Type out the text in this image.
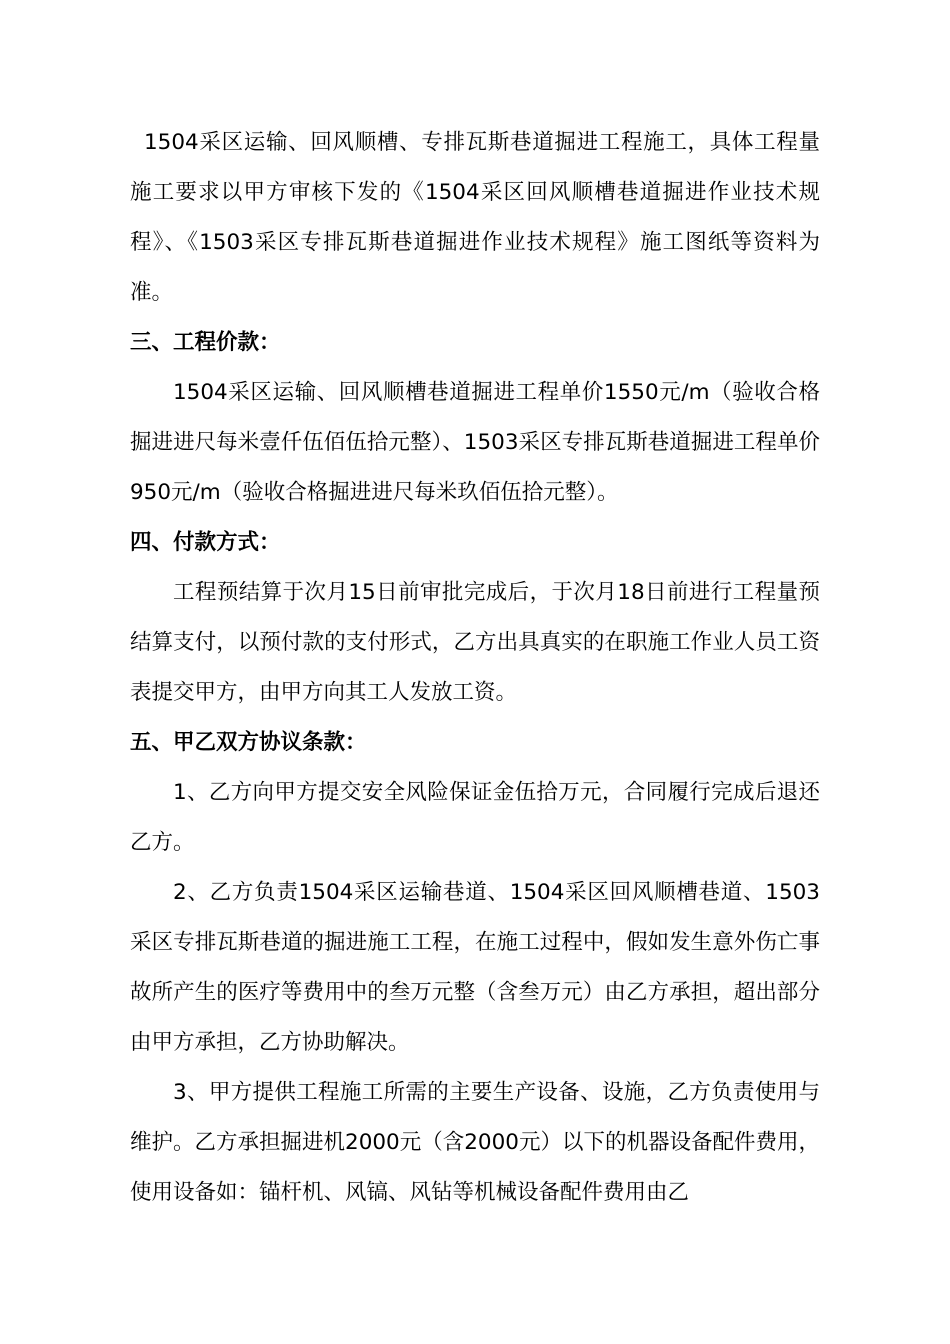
1504采区运输、回风顺槽、专排瓦斯巷道掘进工程施工，具体工程量施工要求以甲方审核下发的《1504采区回风顺槽巷道掘进作业技术规程》、《1503采区专排瓦斯巷道掘进作业技术规程》施工图纸等资料为准。

三、工程价款：

1504采区运输、回风顺槽巷道掘进工程单价1550元/m（验收合格掘进进尺每米壹仟伍佰伍拾元整）、1503采区专排瓦斯巷道掘进工程单价950元/m（验收合格掘进进尺每米玖佰伍拾元整）。

四、付款方式：

工程预结算于次月15日前审批完成后，于次月18日前进行工程量预结算支付，以预付款的支付形式，乙方出具真实的在职施工作业人员工资表提交甲方，由甲方向其工人发放工资。

五、甲乙双方协议条款：

1、乙方向甲方提交安全风险保证金伍拾万元，合同履行完成后退还乙方。

2、乙方负责1504采区运输巷道、1504采区回风顺槽巷道、1503采区专排瓦斯巷道的掘进施工工程，在施工过程中，假如发生意外伤亡事故所产生的医疗等费用中的叁万元整（含叁万元）由乙方承担，超出部分由甲方承担，乙方协助解决。

3、甲方提供工程施工所需的主要生产设备、设施，乙方负责使用与维护。乙方承担掘进机2000元（含2000元）以下的机器设备配件费用，使用设备如：锚杆机、风镐、风钻等机械设备配件费用由乙
